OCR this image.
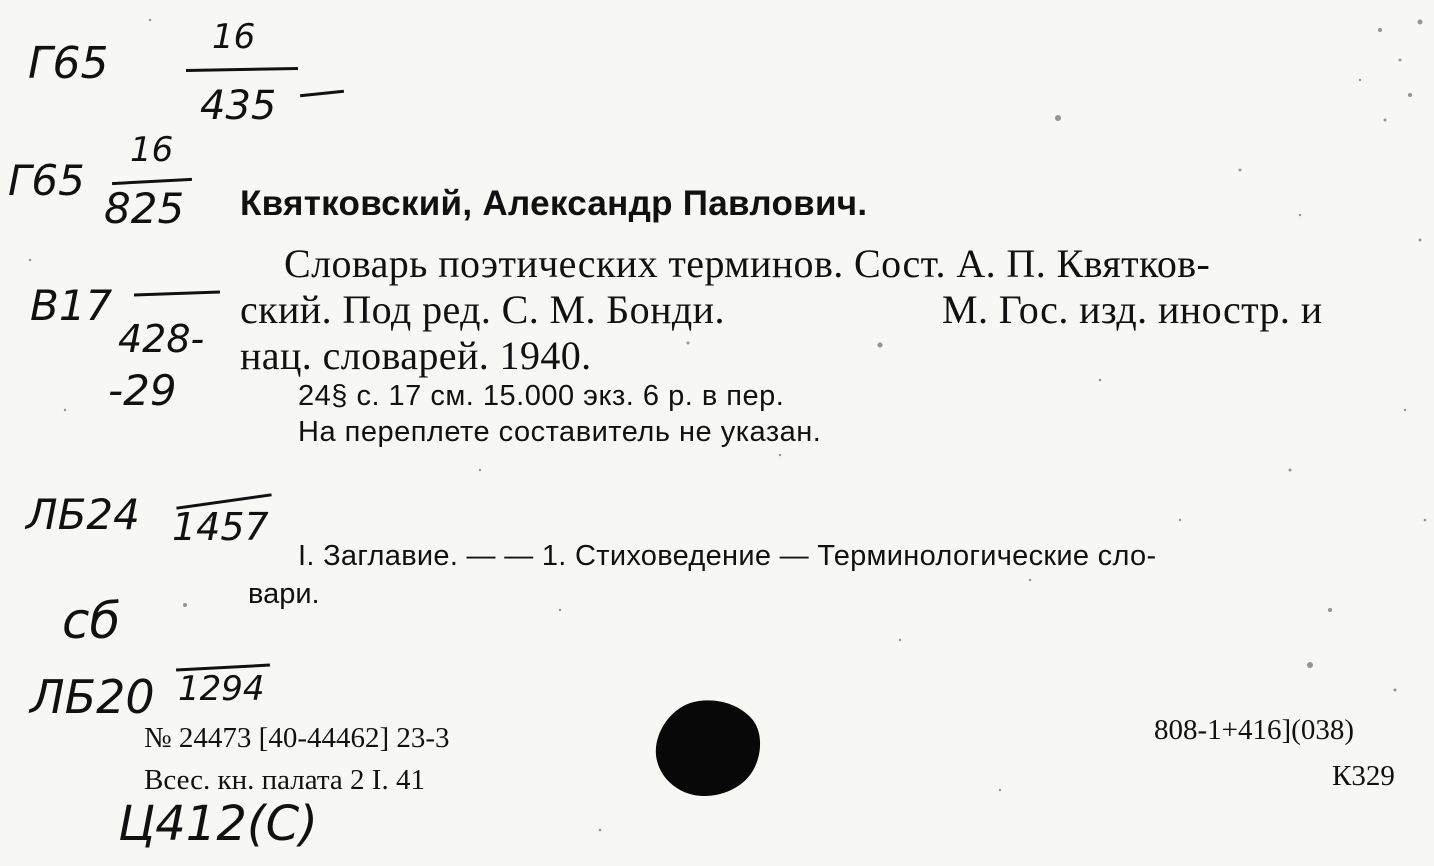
Г65
16
435
Г65
16
825
В17
428-
-29
ЛБ24 1457
сб
ЛБ20 1294
Ц412(С)
Квятковский, Александр Павлович.
Словарь поэтических терминов. Сост. А. П. Квятков-
ский. Под ред. С. М. Бонди.	М. Гос. изд. иностр. и
нац. словарей. 1940.
24§ с. 17 см. 15.000 экз. 6 р. в пер.
На переплете составитель не указан.
I. Заглавие. — — 1. Стиховедение — Терминологические сло-
вари.
№ 24473 [40-44462] 23-3
Всес. кн. палата 2 I. 41
808-1+416](038)
К329
